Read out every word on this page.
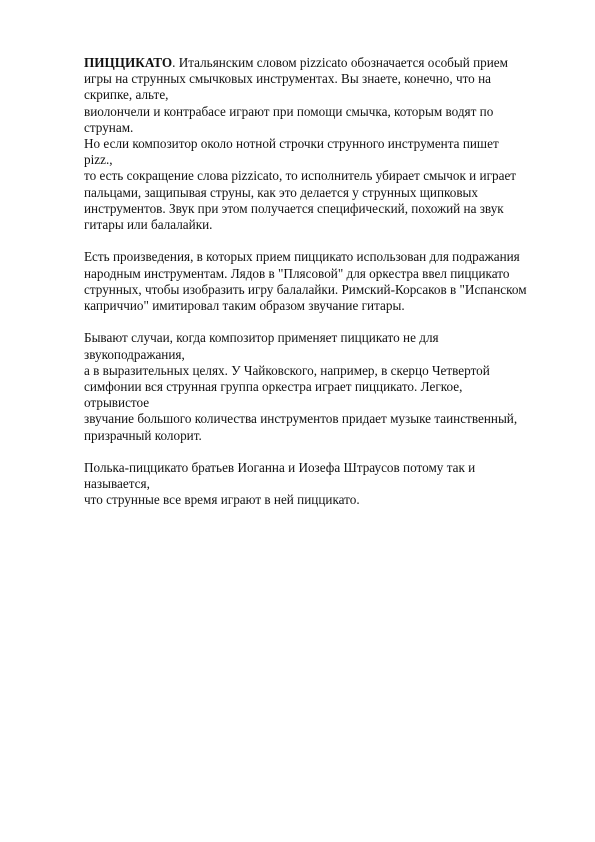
ПИЦЦИКАТО. Итальянским словом pizzicato обозначается особый прием
игры на струнных смычковых инструментах. Вы знаете, конечно, что на
скрипке, альте,
виолончели и контрабасе играют при помощи смычка, которым водят по
струнам.
Но если композитор около нотной строчки струнного инструмента пишет
pizz.,
то есть сокращение слова pizzicato, то исполнитель убирает смычок и играет
пальцами, защипывая струны, как это делается у струнных щипковых
инструментов. Звук при этом получается специфический, похожий на звук
гитары или балалайки.

Есть произведения, в которых прием пиццикато использован для подражания
народным инструментам. Лядов в "Плясовой" для оркестра ввел пиццикато
струнных, чтобы изобразить игру балалайки. Римский-Корсаков в "Испанском
каприччио" имитировал таким образом звучание гитары.

Бывают случаи, когда композитор применяет пиццикато не для
звукоподражания,
а в выразительных целях. У Чайковского, например, в скерцо Четвертой
симфонии вся струнная группа оркестра играет пиццикато. Легкое,
отрывистое
звучание большого количества инструментов придает музыке таинственный,
призрачный колорит.

Полька-пиццикато братьев Иоганна и Иозефа Штраусов потому так и
называется,
что струнные все время играют в ней пиццикато.
